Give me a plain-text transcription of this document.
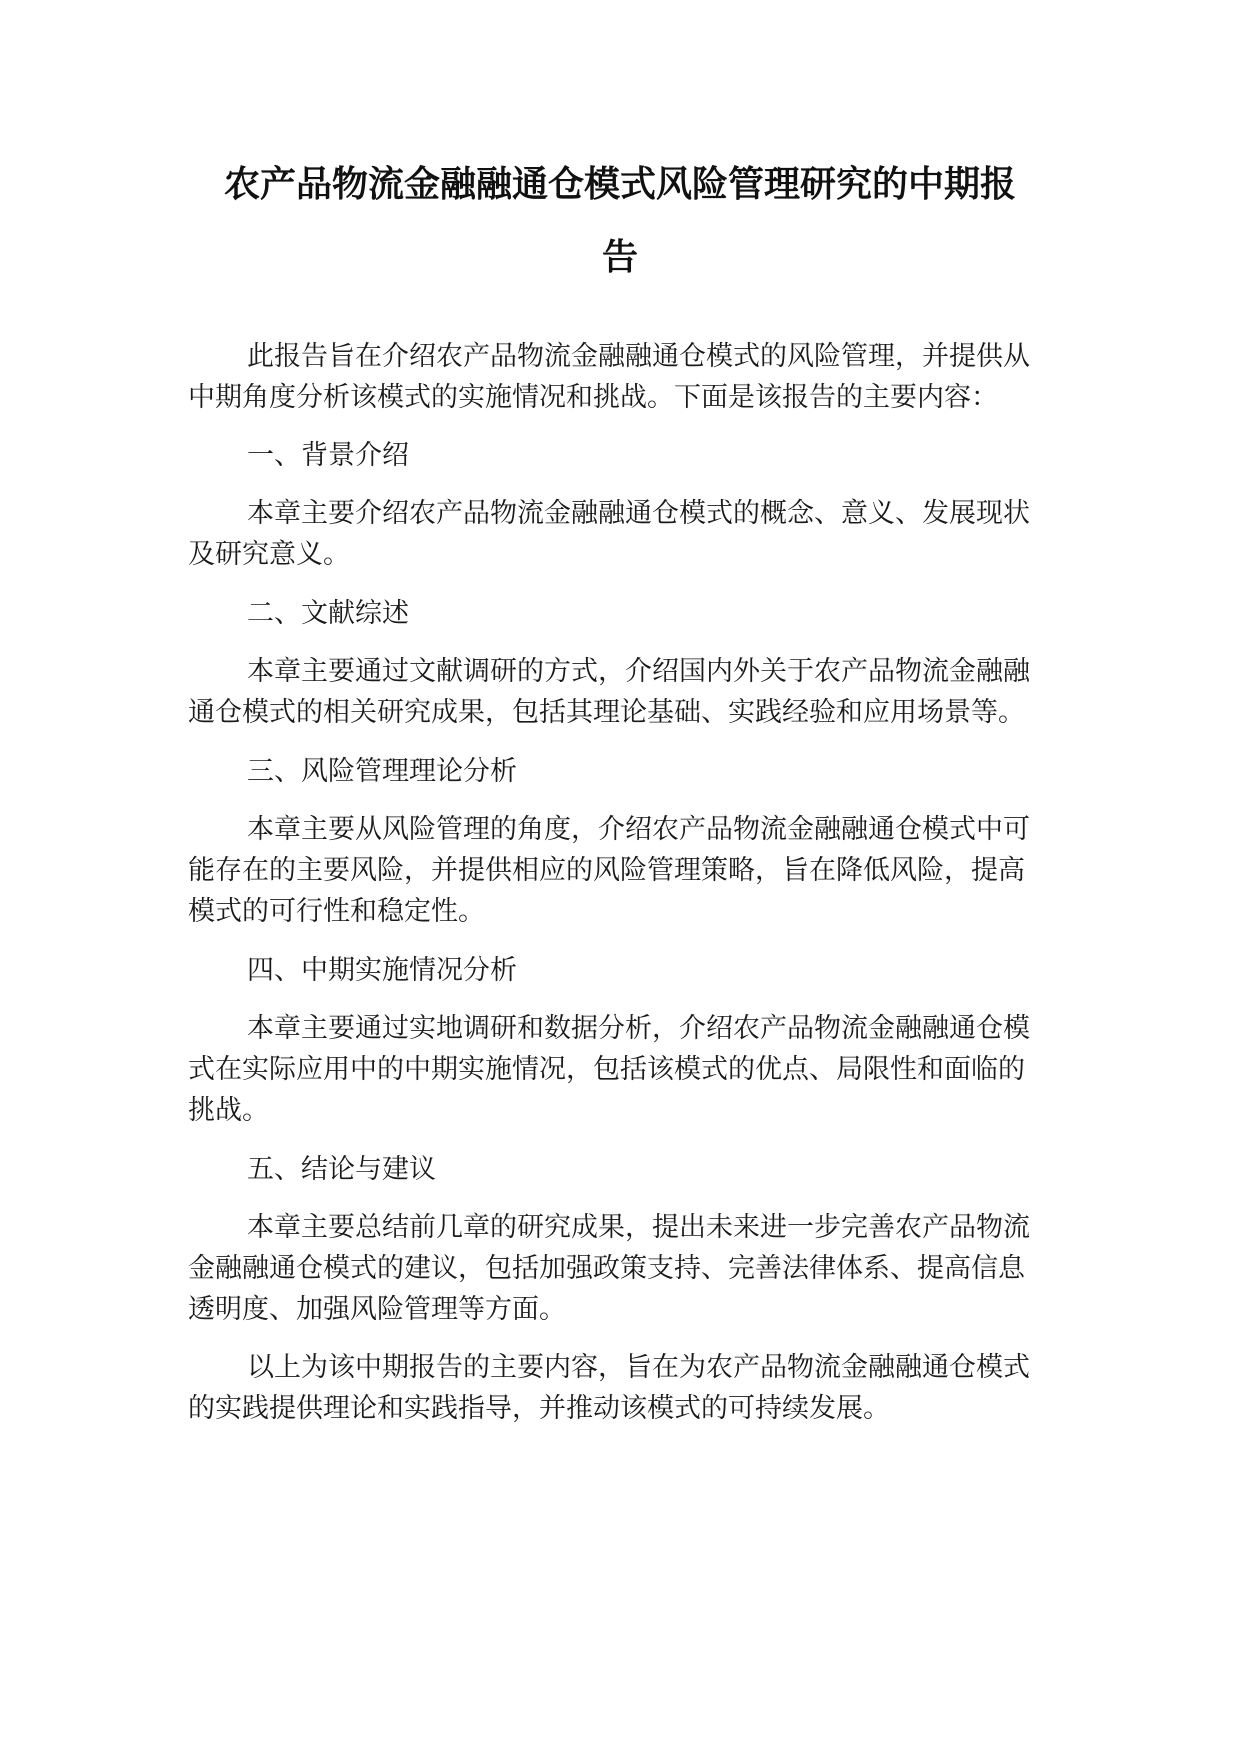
农产品物流金融融通仓模式风险管理研究的中期报
告
此报告旨在介绍农产品物流金融融通仓模式的风险管理，并提供从
中期角度分析该模式的实施情况和挑战。下面是该报告的主要内容：
一、背景介绍
本章主要介绍农产品物流金融融通仓模式的概念、意义、发展现状
及研究意义。
二、文献综述
本章主要通过文献调研的方式，介绍国内外关于农产品物流金融融
通仓模式的相关研究成果，包括其理论基础、实践经验和应用场景等。
三、风险管理理论分析
本章主要从风险管理的角度，介绍农产品物流金融融通仓模式中可
能存在的主要风险，并提供相应的风险管理策略，旨在降低风险，提高
模式的可行性和稳定性。
四、中期实施情况分析
本章主要通过实地调研和数据分析，介绍农产品物流金融融通仓模
式在实际应用中的中期实施情况，包括该模式的优点、局限性和面临的
挑战。
五、结论与建议
本章主要总结前几章的研究成果，提出未来进一步完善农产品物流
金融融通仓模式的建议，包括加强政策支持、完善法律体系、提高信息
透明度、加强风险管理等方面。
以上为该中期报告的主要内容，旨在为农产品物流金融融通仓模式
的实践提供理论和实践指导，并推动该模式的可持续发展。
